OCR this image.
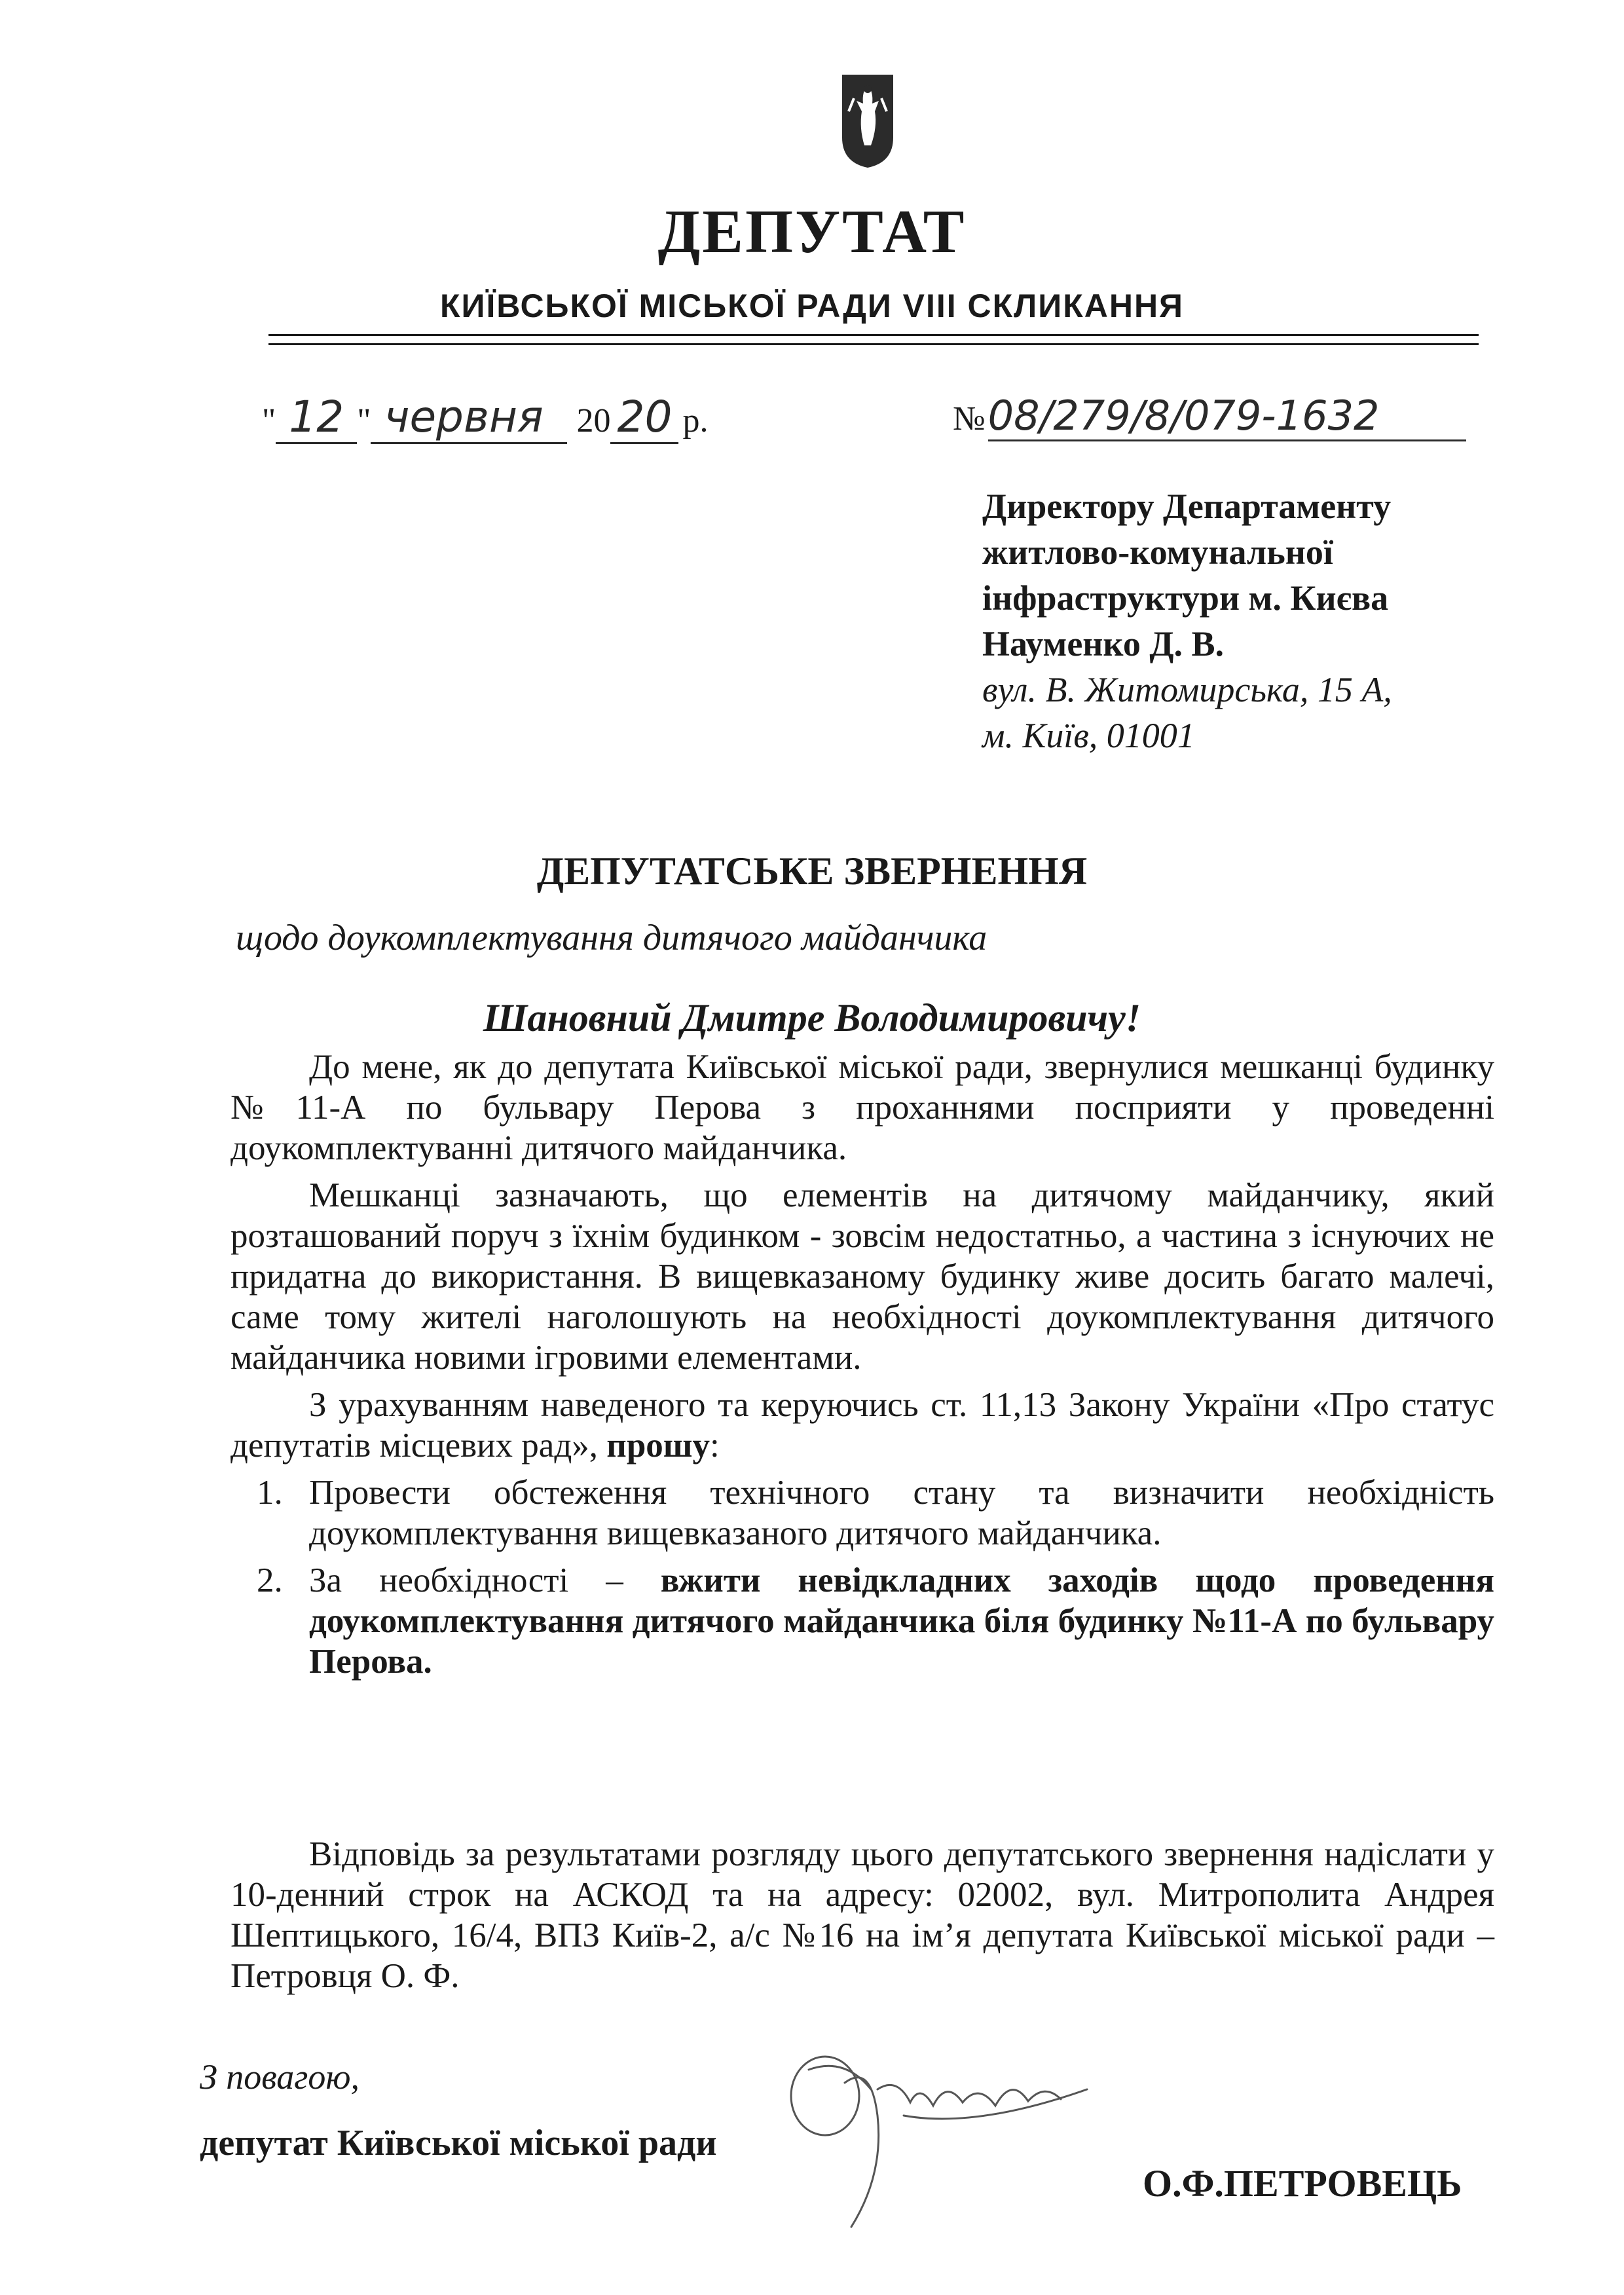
ДЕПУТАТ
КИЇВСЬКОЇ МІСЬКОЇ РАДИ VIII СКЛИКАННЯ
" 12 " червня 20 20 р.	№ 08/279/8/079-1632
Директору Департаменту
житлово-комунальної
інфраструктури м. Києва
Науменко Д. В.
вул. В. Житомирська, 15 А,
м. Київ, 01001
ДЕПУТАТСЬКЕ ЗВЕРНЕННЯ
щодо доукомплектування дитячого майданчика
Шановний Дмитре Володимировичу!

До мене, як до депутата Київської міської ради, звернулися мешканці будинку №11-А по бульвару Перова з проханнями посприяти у проведенні доукомплектуванні дитячого майданчика.

Мешканці зазначають, що елементів на дитячому майданчику, який розташований поруч з їхнім будинком - зовсім недостатньо, а частина з існуючих не придатна до використання. В вищевказаному будинку живе досить багато малечі, саме тому жителі наголошують на необхідності доукомплектування дитячого майданчика новими ігровими елементами.

З урахуванням наведеного та керуючись ст. 11,13 Закону України «Про статус депутатів місцевих рад», прошу:

1. Провести обстеження технічного стану та визначити необхідність доукомплектування вищевказаного дитячого майданчика.
2. За необхідності – вжити невідкладних заходів щодо проведення доукомплектування дитячого майданчика біля будинку №11-А по бульвару Перова.

Відповідь за результатами розгляду цього депутатського звернення надіслати у 10-денний строк на АСКОД та на адресу: 02002, вул. Митрополита Андрея Шептицького, 16/4, ВПЗ Київ-2, а/с №16 на ім’я депутата Київської міської ради – Петровця О. Ф.

З повагою,
депутат Київської міської ради
О.Ф.ПЕТРОВЕЦЬ
